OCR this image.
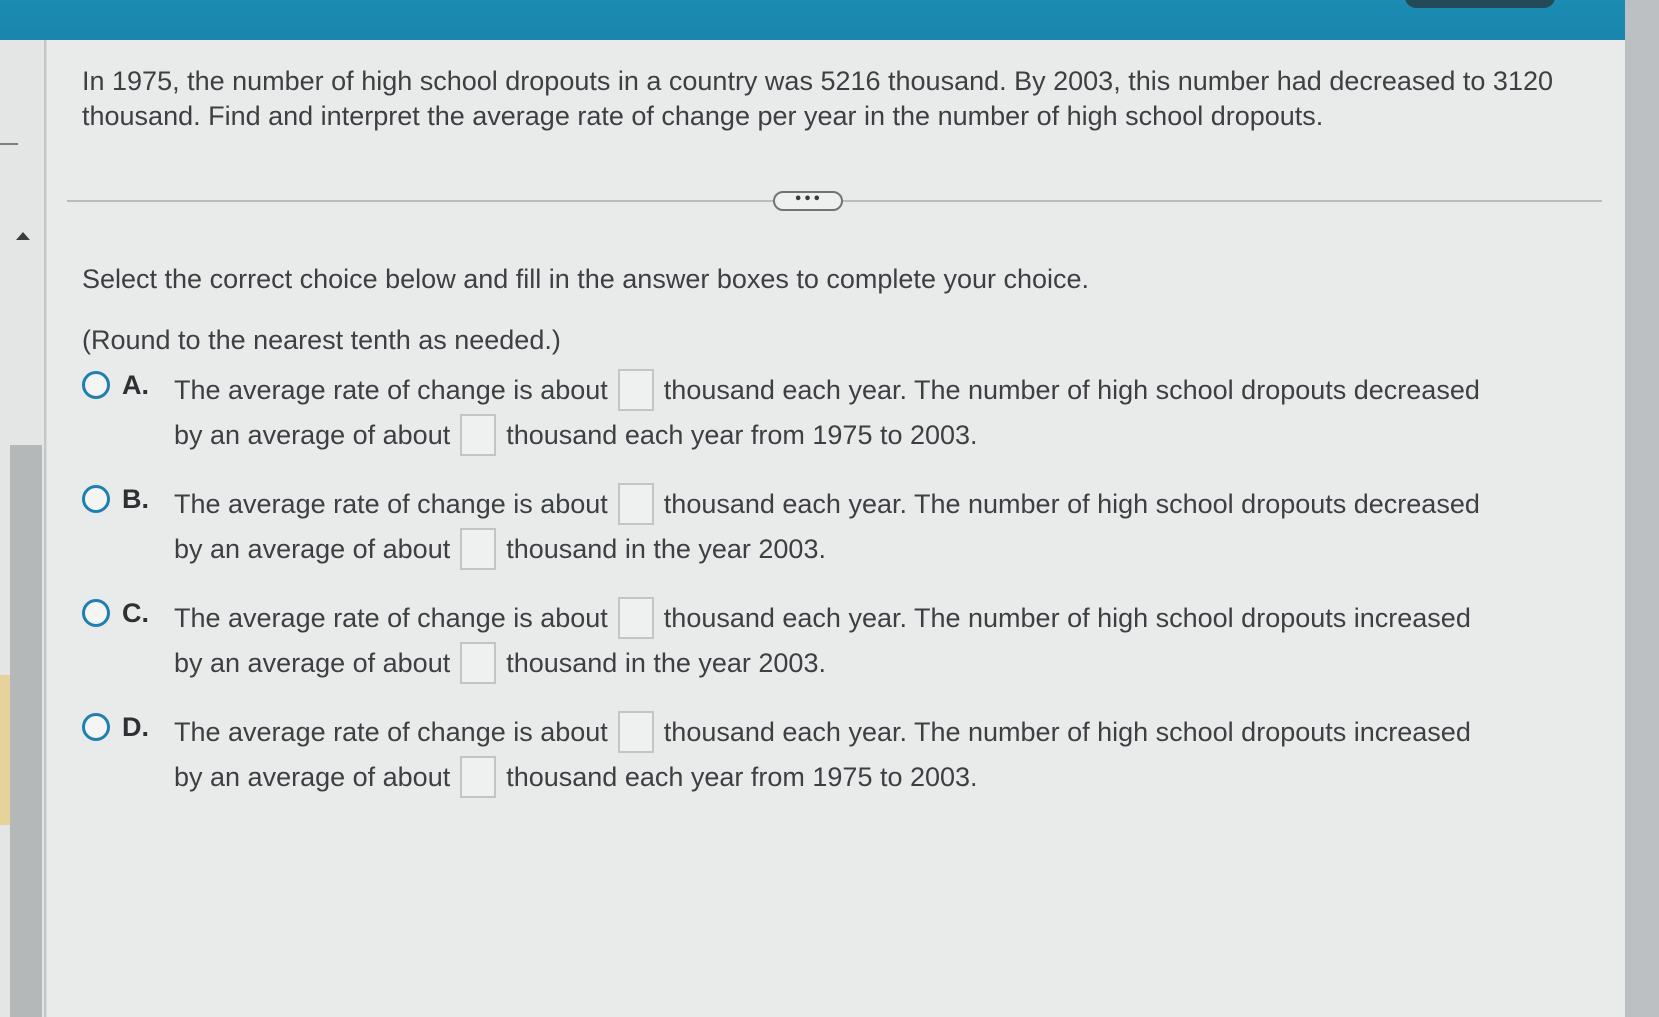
In 1975, the number of high school dropouts in a country was 5216 thousand. By 2003, this number had decreased to 3120 thousand. Find and interpret the average rate of change per year in the number of high school dropouts.

•••

Select the correct choice below and fill in the answer boxes to complete your choice.

(Round to the nearest tenth as needed.)

A. The average rate of change is about thousand each year. The number of high school dropouts decreased
by an average of about thousand each year from 1975 to 2003.
B. The average rate of change is about thousand each year. The number of high school dropouts decreased
by an average of about thousand in the year 2003.
C. The average rate of change is about thousand each year. The number of high school dropouts increased
by an average of about thousand in the year 2003.
D. The average rate of change is about thousand each year. The number of high school dropouts increased
by an average of about thousand each year from 1975 to 2003.
